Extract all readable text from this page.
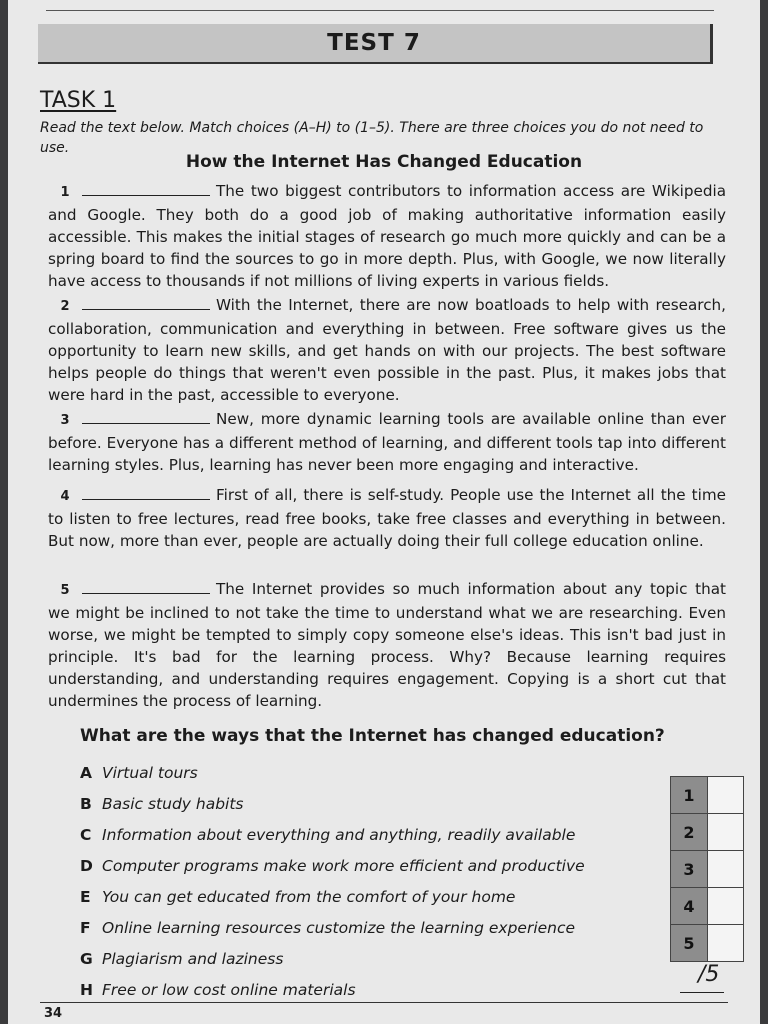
TEST 7
TASK 1
Read the text below. Match choices (A–H) to (1–5). There are three choices you do not need to use.
How the Internet Has Changed Education
1	The two biggest contributors to information access are Wikipedia and Google. They both do a good job of making authoritative information easily accessible. This makes the initial stages of research go much more quickly and can be a spring board to find the sources to go in more depth. Plus, with Google, we now literally have access to thousands if not millions of living experts in various fields.
2	With the Internet, there are now boatloads to help with research, collaboration, communication and everything in between. Free software gives us the opportunity to learn new skills, and get hands on with our projects. The best software helps people do things that weren't even possible in the past. Plus, it makes jobs that were hard in the past, accessible to everyone.
3	New, more dynamic learning tools are available online than ever before. Everyone has a different method of learning, and different tools tap into different learning styles. Plus, learning has never been more engaging and interactive.
4	First of all, there is self-study. People use the Internet all the time to listen to free lectures, read free books, take free classes and everything in between. But now, more than ever, people are actually doing their full college education online.
5	The Internet provides so much information about any topic that we might be inclined to not take the time to understand what we are researching. Even worse, we might be tempted to simply copy someone else's ideas. This isn't bad just in principle. It's bad for the learning process. Why? Because learning requires understanding, and understanding requires engagement. Copying is a short cut that undermines the process of learning.
What are the ways that the Internet has changed education?
A Virtual tours
B Basic study habits
C Information about everything and anything, readily available
D Computer programs make work more efficient and productive
E You can get educated from the comfort of your home
F Online learning resources customize the learning experience
G Plagiarism and laziness
H Free or low cost online materials
1
2
3
4
5
/5
34
